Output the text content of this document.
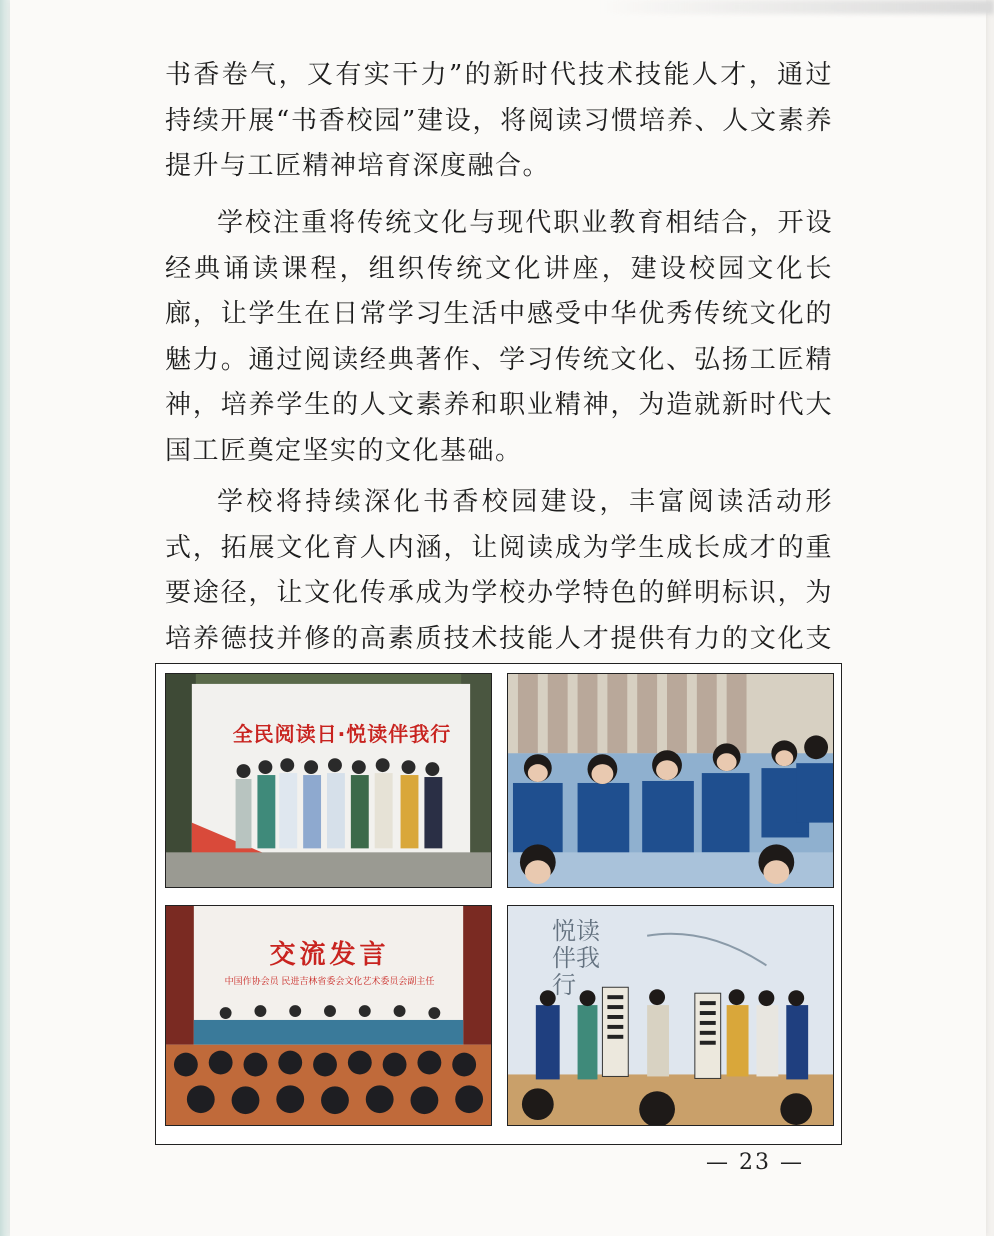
书香卷气，又有实干力”的新时代技术技能人才，通过持续开展“书香校园”建设，将阅读习惯培养、人文素养提升与工匠精神培育深度融合。

学校注重将传统文化与现代职业教育相结合，开设经典诵读课程，组织传统文化讲座，建设校园文化长廊，让学生在日常学习生活中感受中华优秀传统文化的魅力。通过阅读经典著作、学习传统文化、弘扬工匠精神，培养学生的人文素养和职业精神，为造就新时代大国工匠奠定坚实的文化基础。

学校将持续深化书香校园建设，丰富阅读活动形式，拓展文化育人内涵，让阅读成为学生成长成才的重要途径，让文化传承成为学校办学特色的鲜明标识，为培养德技并修的高素质技术技能人才提供有力的文化支

全民阅读日·悦读伴我行
交流发言
中国作协会员 民进吉林省委会文化艺术委员会副主任
悦读伴我行
— 23 —
